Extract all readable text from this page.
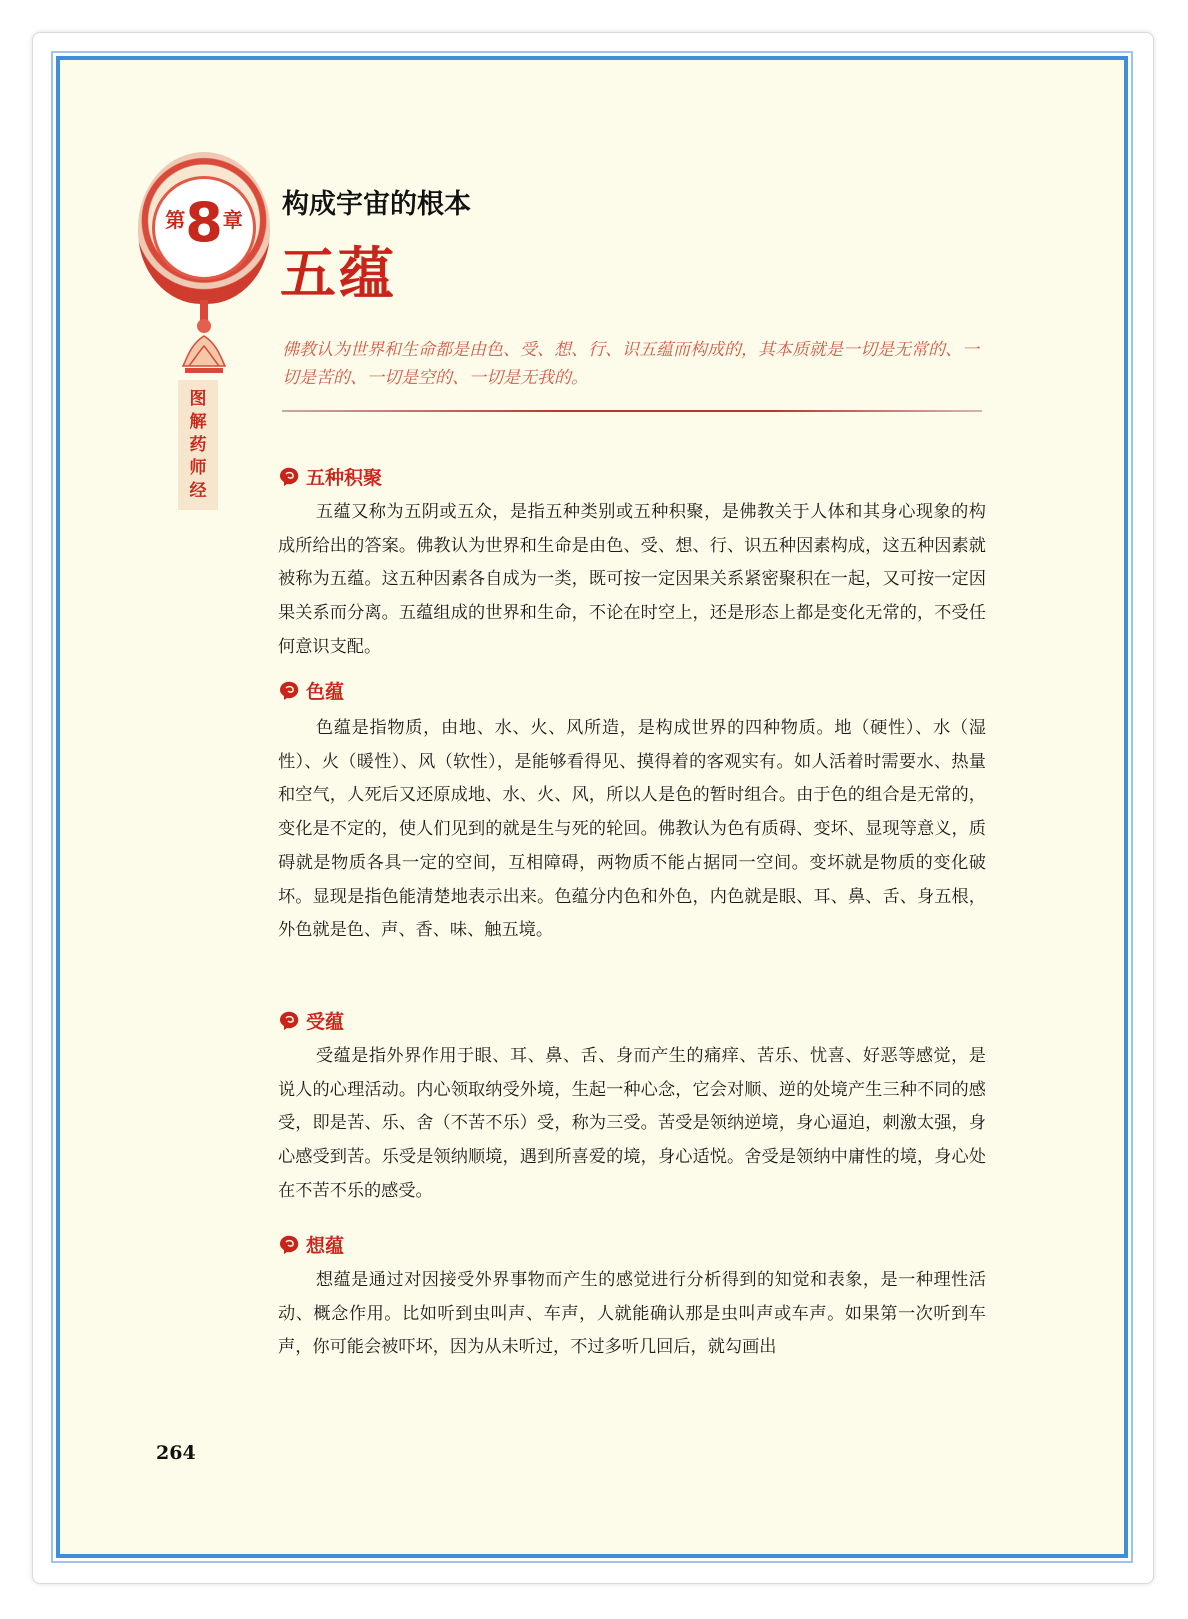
第8章
图
解
药
师
经
构成宇宙的根本
五蕴
佛教认为世界和生命都是由色、受、想、行、识五蕴而构成的，其本质就是一切是无常的、一切是苦的、一切是空的、一切是无我的。
五种积聚
五蕴又称为五阴或五众，是指五种类别或五种积聚，是佛教关于人体和其身心现象的构成所给出的答案。佛教认为世界和生命是由色、受、想、行、识五种因素构成，这五种因素就被称为五蕴。这五种因素各自成为一类，既可按一定因果关系紧密聚积在一起，又可按一定因果关系而分离。五蕴组成的世界和生命，不论在时空上，还是形态上都是变化无常的，不受任何意识支配。
色蕴
色蕴是指物质，由地、水、火、风所造，是构成世界的四种物质。地（硬性）、水（湿性）、火（暖性）、风（软性），是能够看得见、摸得着的客观实有。如人活着时需要水、热量和空气，人死后又还原成地、水、火、风，所以人是色的暂时组合。由于色的组合是无常的，变化是不定的，使人们见到的就是生与死的轮回。佛教认为色有质碍、变坏、显现等意义，质碍就是物质各具一定的空间，互相障碍，两物质不能占据同一空间。变坏就是物质的变化破坏。显现是指色能清楚地表示出来。色蕴分内色和外色，内色就是眼、耳、鼻、舌、身五根，外色就是色、声、香、味、触五境。
受蕴
受蕴是指外界作用于眼、耳、鼻、舌、身而产生的痛痒、苦乐、忧喜、好恶等感觉，是说人的心理活动。内心领取纳受外境，生起一种心念，它会对顺、逆的处境产生三种不同的感受，即是苦、乐、舍（不苦不乐）受，称为三受。苦受是领纳逆境，身心逼迫，刺激太强，身心感受到苦。乐受是领纳顺境，遇到所喜爱的境，身心适悦。舍受是领纳中庸性的境，身心处在不苦不乐的感受。
想蕴
想蕴是通过对因接受外界事物而产生的感觉进行分析得到的知觉和表象，是一种理性活动、概念作用。比如听到虫叫声、车声，人就能确认那是虫叫声或车声。如果第一次听到车声，你可能会被吓坏，因为从未听过，不过多听几回后，就勾画出
264
